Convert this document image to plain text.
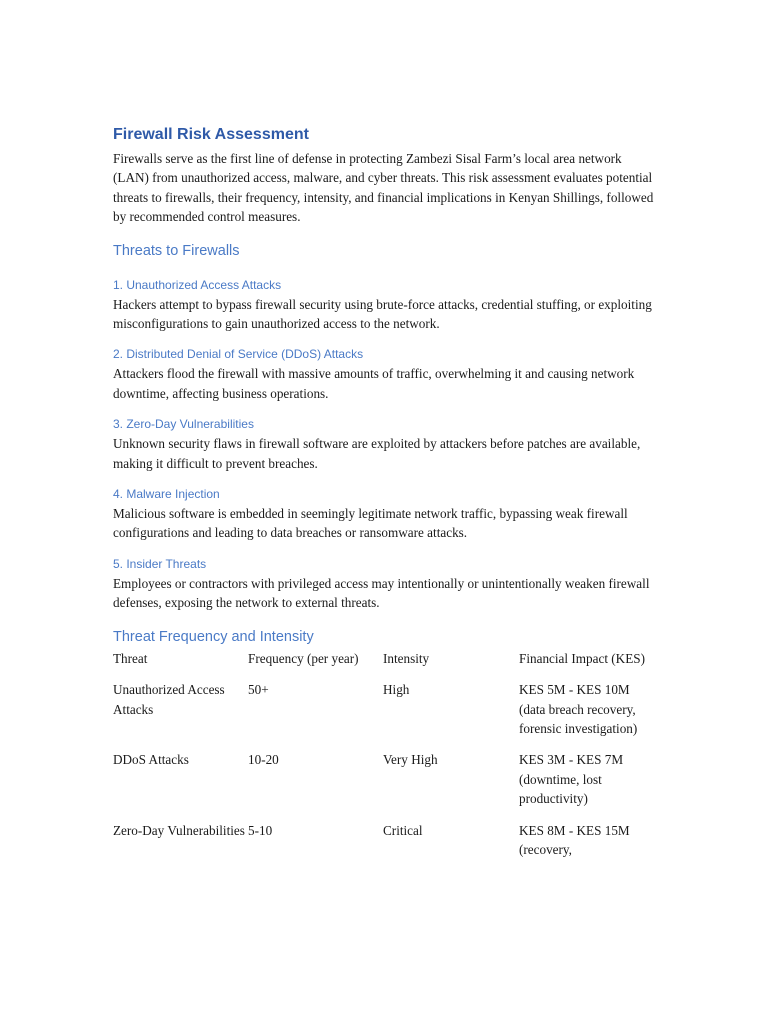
Firewall Risk Assessment

Firewalls serve as the first line of defense in protecting Zambezi Sisal Farm’s local area network (LAN) from unauthorized access, malware, and cyber threats. This risk assessment evaluates potential threats to firewalls, their frequency, intensity, and financial implications in Kenyan Shillings, followed by recommended control measures.

Threats to Firewalls
1. Unauthorized Access Attacks

Hackers attempt to bypass firewall security using brute-force attacks, credential stuffing, or exploiting misconfigurations to gain unauthorized access to the network.

2. Distributed Denial of Service (DDoS) Attacks

Attackers flood the firewall with massive amounts of traffic, overwhelming it and causing network downtime, affecting business operations.

3. Zero-Day Vulnerabilities

Unknown security flaws in firewall software are exploited by attackers before patches are available, making it difficult to prevent breaches.

4. Malware Injection

Malicious software is embedded in seemingly legitimate network traffic, bypassing weak firewall configurations and leading to data breaches or ransomware attacks.

5. Insider Threats

Employees or contractors with privileged access may intentionally or unintentionally weaken firewall defenses, exposing the network to external threats.

Threat Frequency and Intensity
Threat	Frequency (per year)	Intensity	Financial Impact (KES)
Unauthorized Access Attacks	50+	High	KES 5M - KES 10M (data breach recovery, forensic investigation)
DDoS Attacks	10-20	Very High	KES 3M - KES 7M (downtime, lost productivity)
Zero-Day Vulnerabilities	5-10	Critical	KES 8M - KES 15M (recovery,
